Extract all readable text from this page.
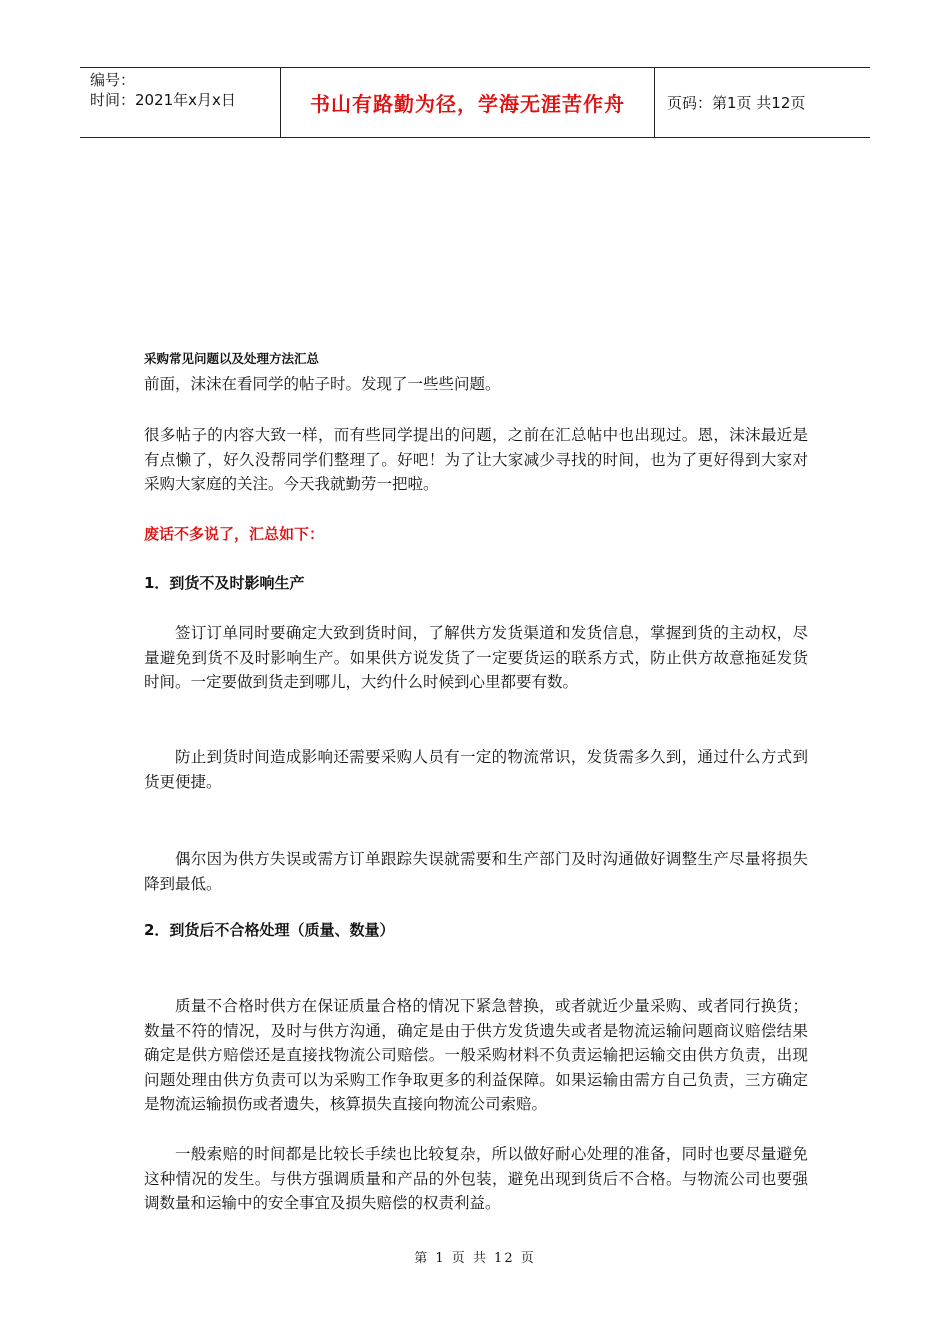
编号：
时间：2021年x月x日	书山有路勤为径，学海无涯苦作舟	页码：第1页 共12页
采购常见问题以及处理方法汇总
前面，沫沫在看同学的帖子时。发现了一些些问题。
很多帖子的内容大致一样，而有些同学提出的问题，之前在汇总帖中也出现过。恩，沫沫最近是有点懒了，好久没帮同学们整理了。好吧！为了让大家减少寻找的时间，也为了更好得到大家对采购大家庭的关注。今天我就勤劳一把啦。
废话不多说了，汇总如下：
1．到货不及时影响生产
签订订单同时要确定大致到货时间，了解供方发货渠道和发货信息，掌握到货的主动权，尽量避免到货不及时影响生产。如果供方说发货了一定要货运的联系方式，防止供方故意拖延发货时间。一定要做到货走到哪儿，大约什么时候到心里都要有数。
防止到货时间造成影响还需要采购人员有一定的物流常识，发货需多久到，通过什么方式到货更便捷。
偶尔因为供方失误或需方订单跟踪失误就需要和生产部门及时沟通做好调整生产尽量将损失降到最低。
2．到货后不合格处理（质量、数量）
质量不合格时供方在保证质量合格的情况下紧急替换，或者就近少量采购、或者同行换货；数量不符的情况，及时与供方沟通，确定是由于供方发货遗失或者是物流运输问题商议赔偿结果确定是供方赔偿还是直接找物流公司赔偿。一般采购材料不负责运输把运输交由供方负责，出现问题处理由供方负责可以为采购工作争取更多的利益保障。如果运输由需方自己负责，三方确定是物流运输损伤或者遗失，核算损失直接向物流公司索赔。
一般索赔的时间都是比较长手续也比较复杂，所以做好耐心处理的准备，同时也要尽量避免这种情况的发生。与供方强调质量和产品的外包装，避免出现到货后不合格。与物流公司也要强调数量和运输中的安全事宜及损失赔偿的权责利益。
第 1 页 共 12 页
